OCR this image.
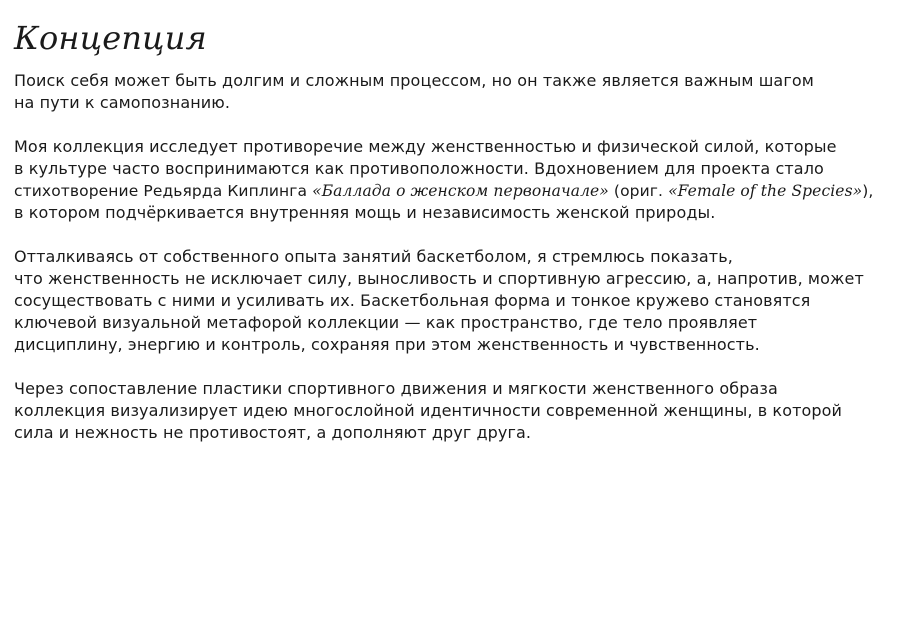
Концепция

Поиск себя может быть долгим и сложным процессом, но он также является важным шагом
на пути к самопознанию.

Моя коллекция исследует противоречие между женственностью и физической силой, которые
в культуре часто воспринимаются как противоположности. Вдохновением для проекта стало
стихотворение Редьярда Киплинга «Баллада о женском первоначале» (ориг. «Female of the Species»),
в котором подчёркивается внутренняя мощь и независимость женской природы.

Отталкиваясь от собственного опыта занятий баскетболом, я стремлюсь показать,
что женственность не исключает силу, выносливость и спортивную агрессию, а, напротив, может
сосуществовать с ними и усиливать их. Баскетбольная форма и тонкое кружево становятся
ключевой визуальной метафорой коллекции — как пространство, где тело проявляет
дисциплину, энергию и контроль, сохраняя при этом женственность и чувственность.

Через сопоставление пластики спортивного движения и мягкости женственного образа
коллекция визуализирует идею многослойной идентичности современной женщины, в которой
сила и нежность не противостоят, а дополняют друг друга.
